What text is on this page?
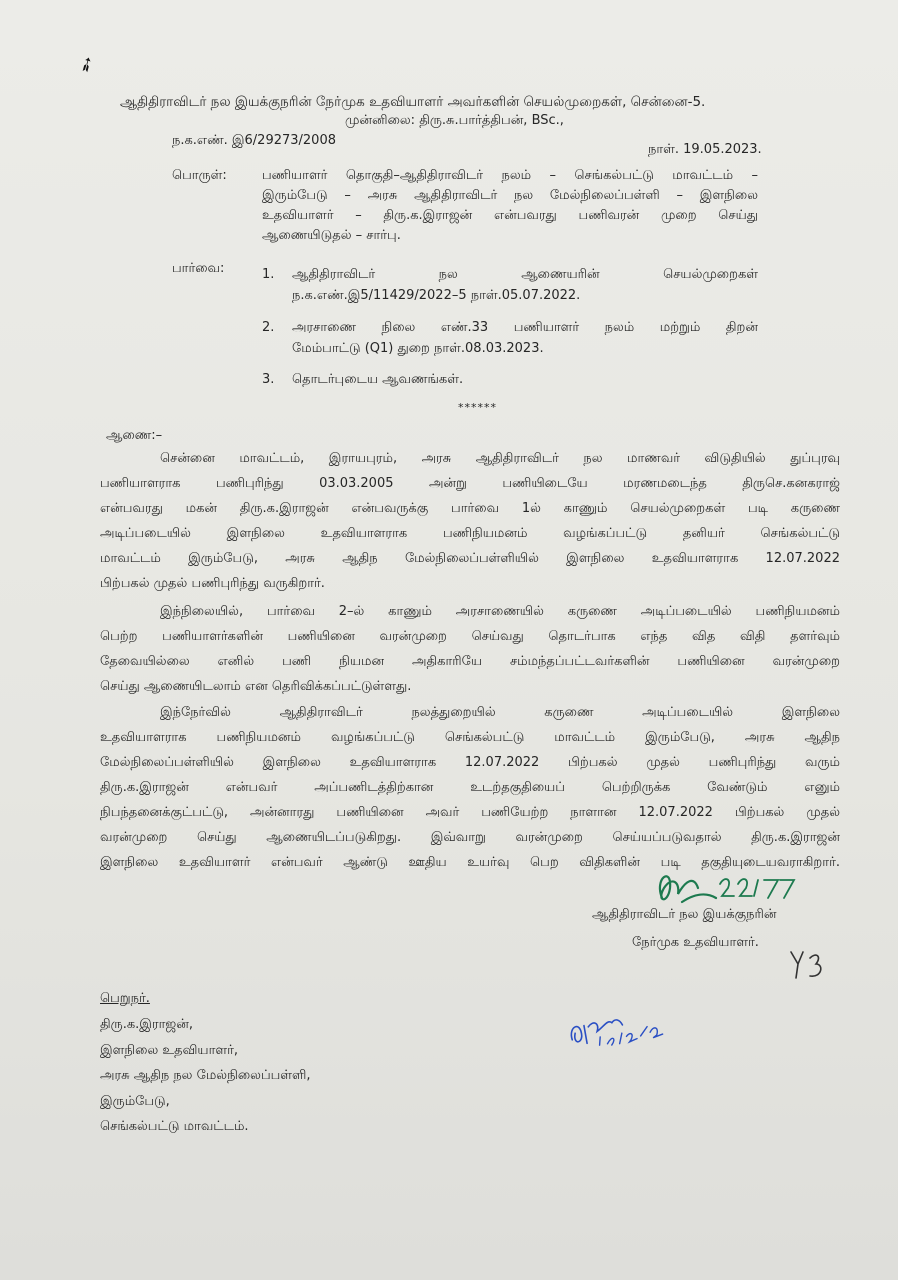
➶
ஆதிதிராவிடர் நல இயக்குநரின் நேர்முக உதவியாளர் அவர்களின் செயல்முறைகள், சென்னை-5.
முன்னிலை: திரு.சு.பார்த்திபன், BSc.,
ந.க.எண். இ6/29273/2008
நாள். 19.05.2023.
பொருள்:	பணியாளர் தொகுதி–ஆதிதிராவிடர் நலம் – செங்கல்பட்டு மாவட்டம் –
இரும்பேடு – அரசு ஆதிதிராவிடர் நல மேல்நிலைப்பள்ளி – இளநிலை
உதவியாளர் – திரு.க.இராஜன் என்பவரது பணிவரன் முறை செய்து
ஆணையிடுதல் – சார்பு.
பார்வை:	1. ஆதிதிராவிடர் நல ஆணையரின் செயல்முறைகள்
ந.க.எண்.இ5/11429/2022–5 நாள்.05.07.2022.
2. அரசாணை நிலை எண்.33 பணியாளர் நலம் மற்றும் திறன்
மேம்பாட்டு (Q1) துறை நாள்.08.03.2023.
3. தொடர்புடைய ஆவணங்கள்.
******
ஆணை:–
சென்னை மாவட்டம், இராயபுரம், அரசு ஆதிதிராவிடர் நல மாணவர் விடுதியில் துப்புரவு
பணியாளராக பணிபுரிந்து 03.03.2005 அன்று பணியிடையே மரணமடைந்த திருசெ.கனகராஜ்
என்பவரது மகன் திரு.க.இராஜன் என்பவருக்கு பார்வை 1ல் காணும் செயல்முறைகள் படி கருணை
அடிப்படையில் இளநிலை உதவியாளராக பணிநியமனம் வழங்கப்பட்டு தனியர் செங்கல்பட்டு
மாவட்டம் இரும்பேடு, அரசு ஆதிந மேல்நிலைப்பள்ளியில் இளநிலை உதவியாளராக 12.07.2022
பிற்பகல் முதல் பணிபுரிந்து வருகிறார்.
இந்நிலையில், பார்வை 2–ல் காணும் அரசாணையில் கருணை அடிப்படையில் பணிநியமனம்
பெற்ற பணியாளர்களின் பணியினை வரன்முறை செய்வது தொடர்பாக எந்த வித விதி தளர்வும்
தேவையில்லை எனில் பணி நியமன அதிகாரியே சம்மந்தப்பட்டவர்களின் பணியினை வரன்முறை
செய்து ஆணையிடலாம் என தெரிவிக்கப்பட்டுள்ளது.
இந்நேர்வில் ஆதிதிராவிடர் நலத்துறையில் கருணை அடிப்படையில் இளநிலை
உதவியாளராக பணிநியமனம் வழங்கப்பட்டு செங்கல்பட்டு மாவட்டம் இரும்பேடு, அரசு ஆதிந
மேல்நிலைப்பள்ளியில் இளநிலை உதவியாளராக 12.07.2022 பிற்பகல் முதல் பணிபுரிந்து வரும்
திரு.க.இராஜன் என்பவர் அப்பணிடத்திற்கான உடற்தகுதியைப் பெற்றிருக்க வேண்டும் எனும்
நிபந்தனைக்குட்பட்டு, அன்னாரது பணியினை அவர் பணியேற்ற நாளான 12.07.2022 பிற்பகல் முதல்
வரன்முறை செய்து ஆணையிடப்படுகிறது. இவ்வாறு வரன்முறை செய்யப்படுவதால் திரு.க.இராஜன்
இளநிலை உதவியாளர் என்பவர் ஆண்டு ஊதிய உயர்வு பெற விதிகளின் படி தகுதியுடையவராகிறார்.
ஆதிதிராவிடர் நல இயக்குநரின்
நேர்முக உதவியாளர்.
பெறுநர்.
திரு.க.இராஜன்,
இளநிலை உதவியாளர்,
அரசு ஆதிந நல மேல்நிலைப்பள்ளி,
இரும்பேடு,
செங்கல்பட்டு மாவட்டம்.
